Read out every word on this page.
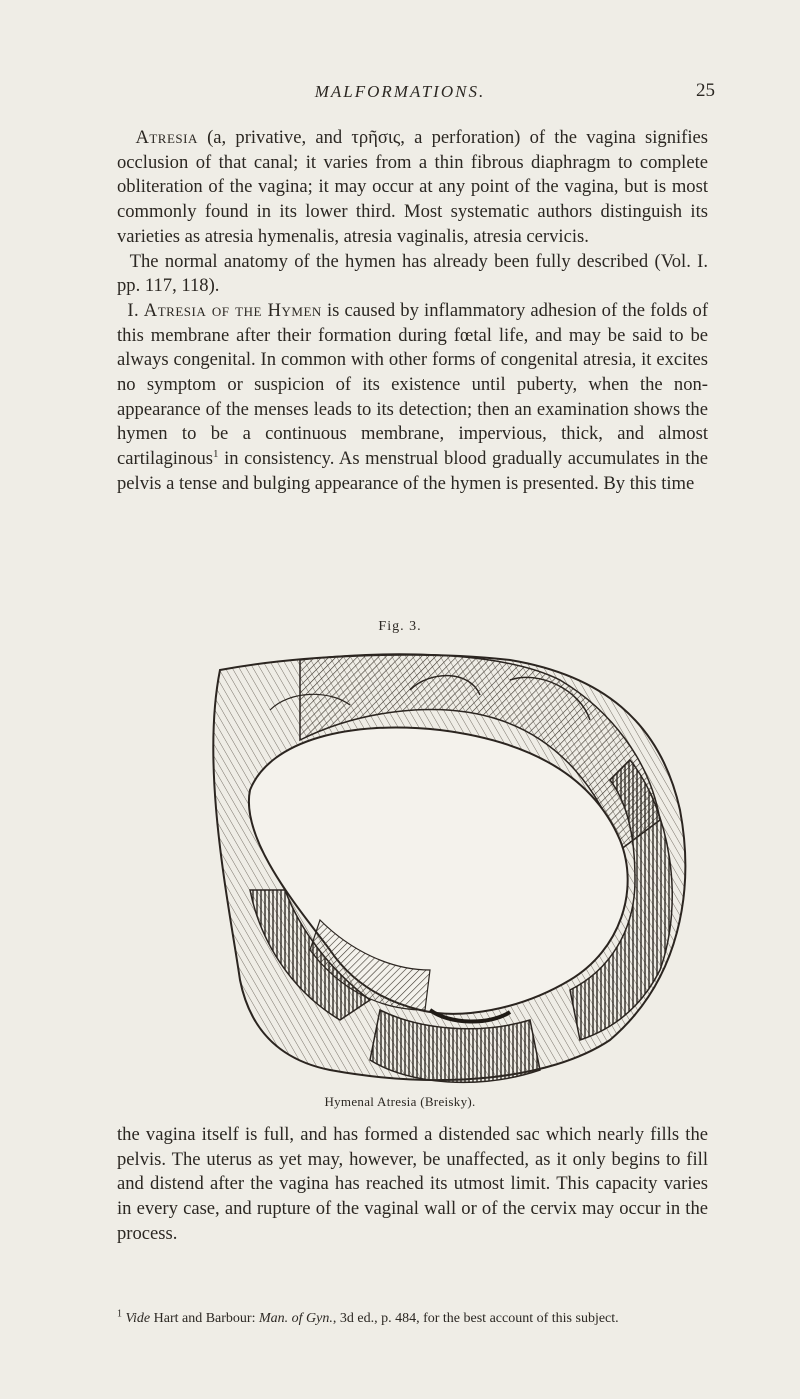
MALFORMATIONS.	25

Atresia (a, privative, and τρῆσις, a perforation) of the vagina signifies occlusion of that canal; it varies from a thin fibrous diaphragm to complete obliteration of the vagina; it may occur at any point of the vagina, but is most commonly found in its lower third. Most systematic authors distinguish its varieties as atresia hymenalis, atresia vaginalis, atresia cervicis.

The normal anatomy of the hymen has already been fully described (Vol. I. pp. 117, 118).

I. Atresia of the Hymen is caused by inflammatory adhesion of the folds of this membrane after their formation during fœtal life, and may be said to be always congenital. In common with other forms of congenital atresia, it excites no symptom or suspicion of its existence until puberty, when the non-appearance of the menses leads to its detection; then an examination shows the hymen to be a continuous membrane, impervious, thick, and almost cartilaginous$^1$ in consistency. As menstrual blood gradually accumulates in the pelvis a tense and bulging appearance of the hymen is presented. By this time

Fig. 3.
Hymenal Atresia (Breisky).

the vagina itself is full, and has formed a distended sac which nearly fills the pelvis. The uterus as yet may, however, be unaffected, as it only begins to fill and distend after the vagina has reached its utmost limit. This capacity varies in every case, and rupture of the vaginal wall or of the cervix may occur in the process.

$^1$ Vide Hart and Barbour: Man. of Gyn., 3d ed., p. 484, for the best account of this subject.
